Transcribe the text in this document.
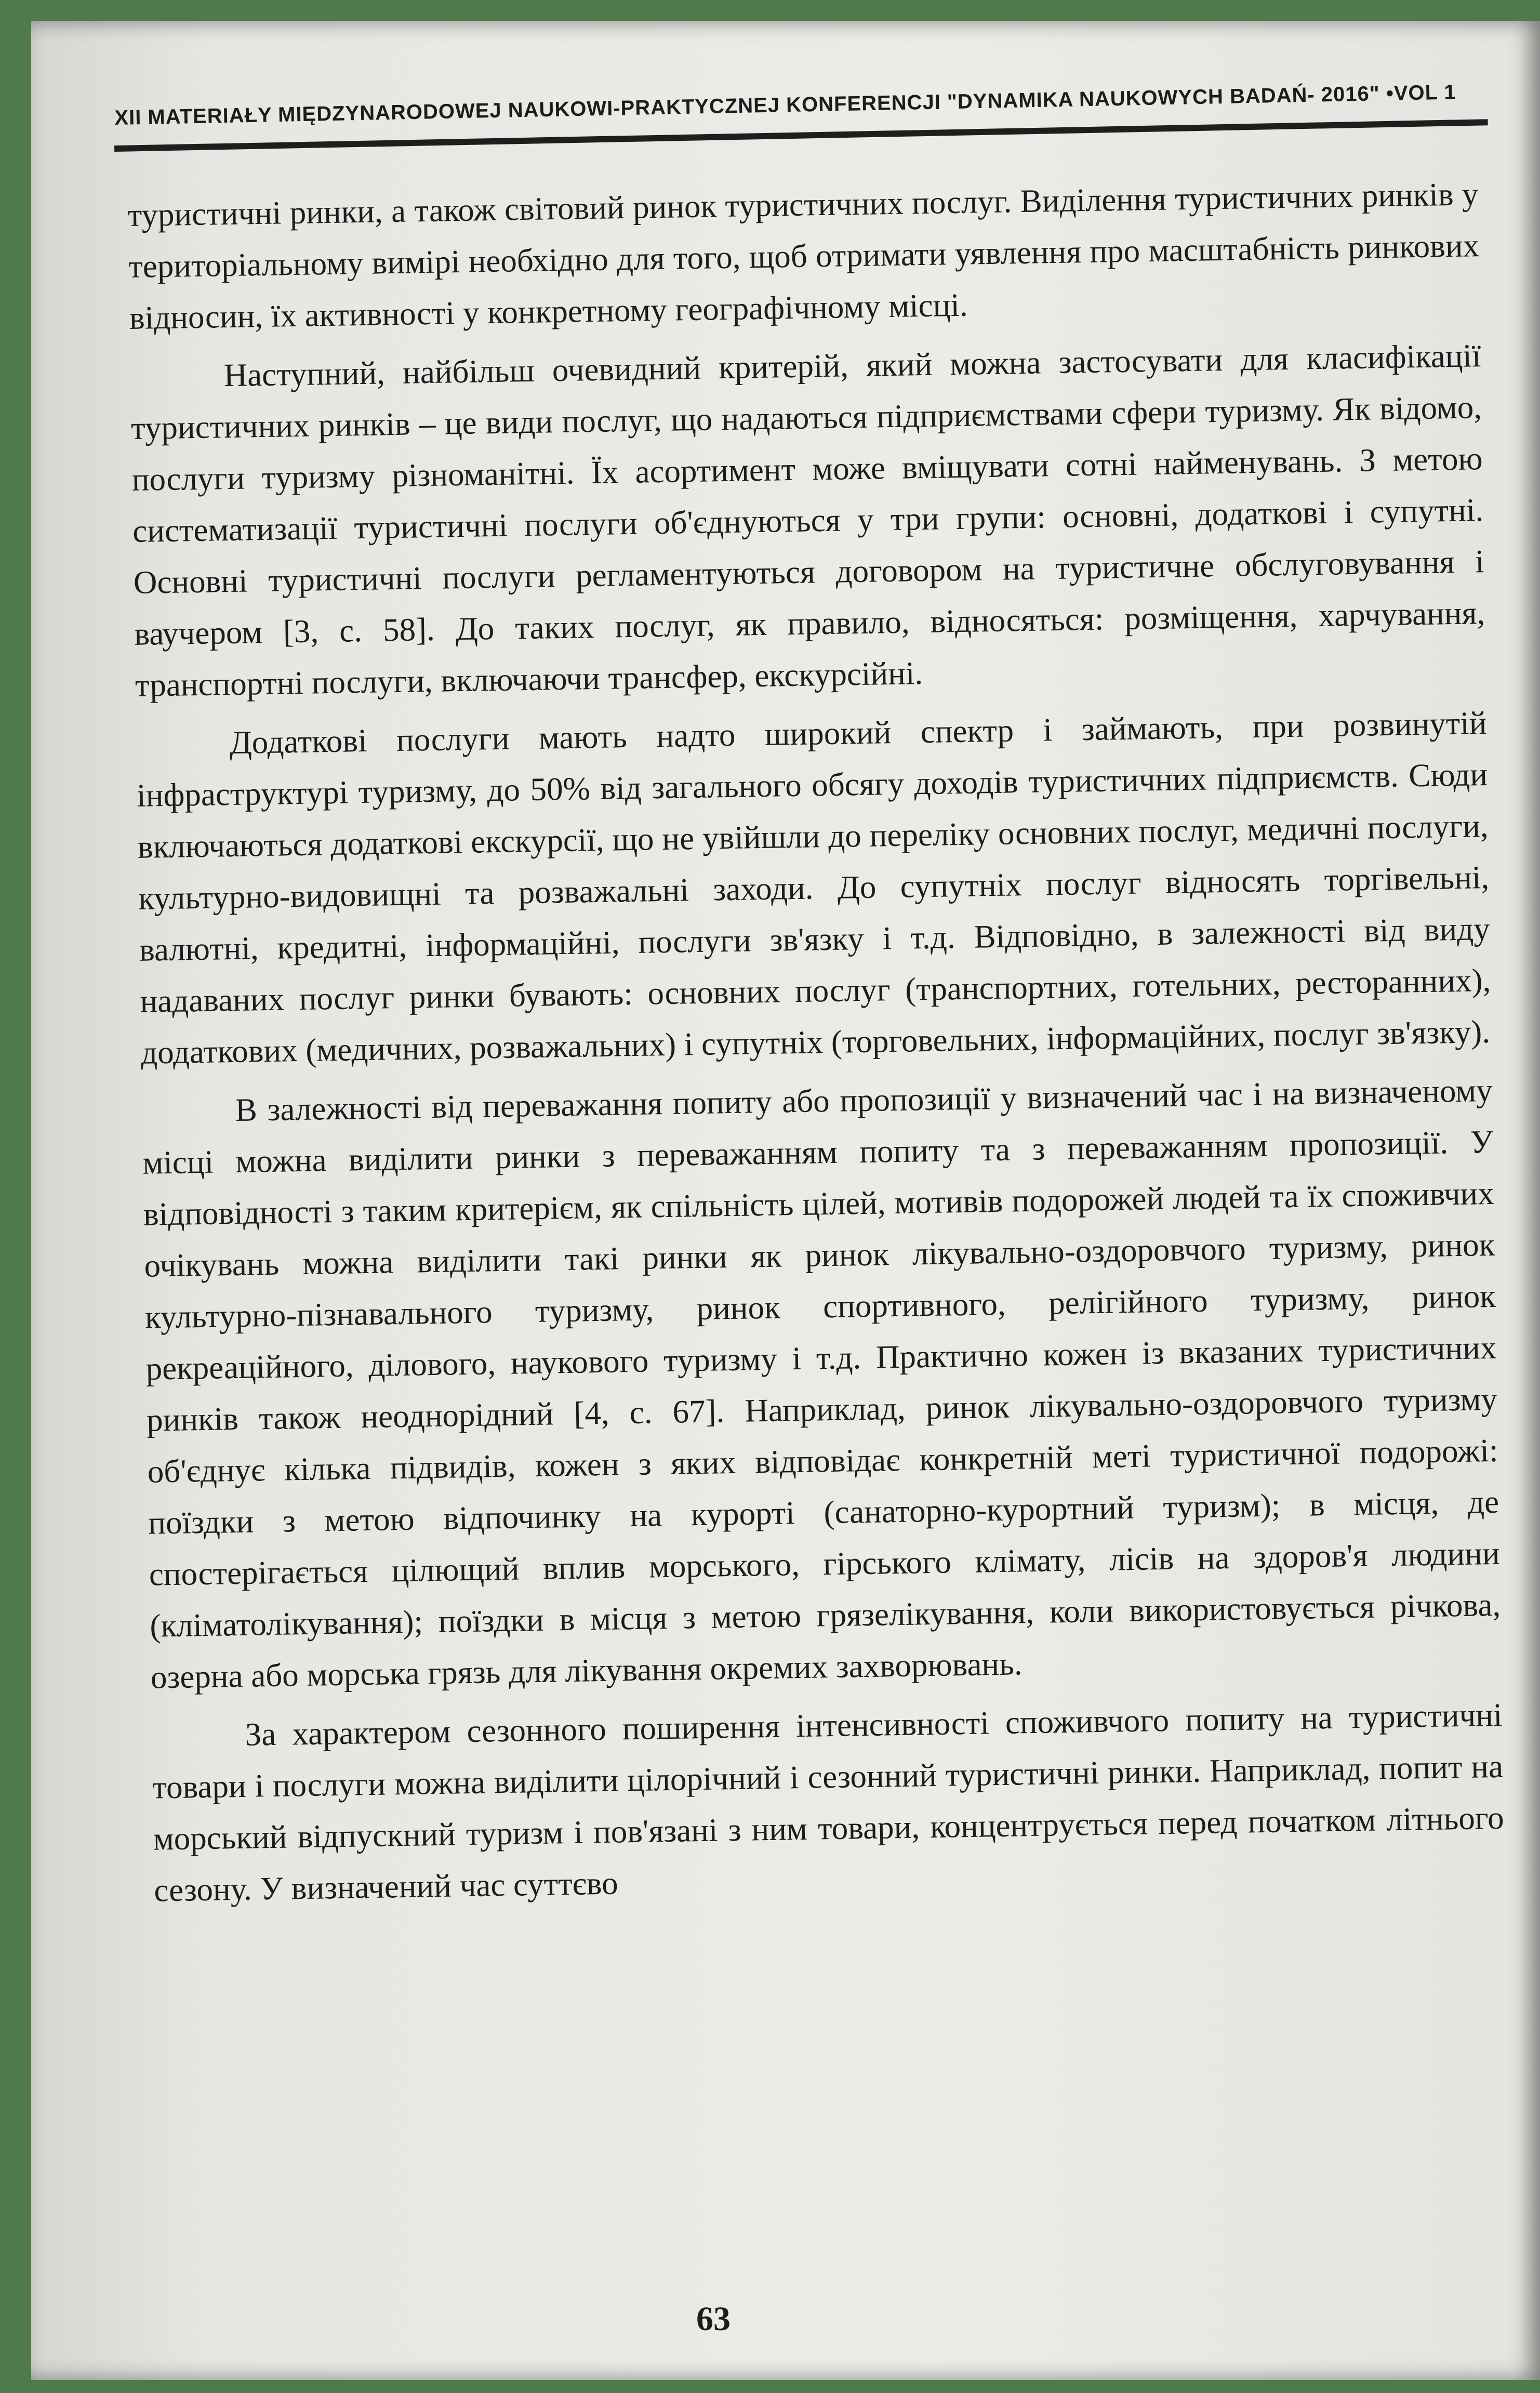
XII MATERIAŁY MIĘDZYNARODOWEJ NAUKOWI-PRAKTYCZNEJ KONFERENCJI "DYNAMIKA NAUKOWYCH BADAŃ- 2016" •VOL 1

туристичні ринки, а також світовий ринок туристичних послуг. Виділення туристичних ринків у територіальному вимірі необхідно для того, щоб отримати уявлення про масштабність ринкових відносин, їх активності у конкретному географічному місці.

Наступний, найбільш очевидний критерій, який можна застосувати для класифікації туристичних ринків – це види послуг, що надаються підприємствами сфери туризму. Як відомо, послуги туризму різноманітні. Їх асортимент може вміщувати сотні найменувань. З метою систематизації туристичні послуги об'єднуються у три групи: основні, додаткові і супутні. Основні туристичні послуги регламентуються договором на туристичне обслуговування і ваучером [3, с. 58]. До таких послуг, як правило, відносяться: розміщення, харчування, транспортні послуги, включаючи трансфер, екскурсійні.

Додаткові послуги мають надто широкий спектр і займають, при розвинутій інфраструктурі туризму, до 50% від загального обсягу доходів туристичних підприємств. Сюди включаються додаткові екскурсії, що не увійшли до переліку основних послуг, медичні послуги, культурно-видовищні та розважальні заходи. До супутніх послуг відносять торгівельні, валютні, кредитні, інформаційні, послуги зв'язку і т.д. Відповідно, в залежності від виду надаваних послуг ринки бувають: основних послуг (транспортних, готельних, ресторанних), додаткових (медичних, розважальних) і супутніх (торговельних, інформаційних, послуг зв'язку).

В залежності від переважання попиту або пропозиції у визначений час і на визначеному місці можна виділити ринки з переважанням попиту та з переважанням пропозиції. У відповідності з таким критерієм, як спільність цілей, мотивів подорожей людей та їх споживчих очікувань можна виділити такі ринки як ринок лікувально-оздоровчого туризму, ринок культурно-пізнавального туризму, ринок спортивного, релігійного туризму, ринок рекреаційного, ділового, наукового туризму і т.д. Практично кожен із вказаних туристичних ринків також неоднорідний [4, с. 67]. Наприклад, ринок лікувально-оздоровчого туризму об'єднує кілька підвидів, кожен з яких відповідає конкретній меті туристичної подорожі: поїздки з метою відпочинку на курорті (санаторно-курортний туризм); в місця, де спостерігається цілющий вплив морського, гірського клімату, лісів на здоров'я людини (кліматолікування); поїздки в місця з метою грязелікування, коли використовується річкова, озерна або морська грязь для лікування окремих захворювань.

За характером сезонного поширення інтенсивності споживчого попиту на туристичні товари і послуги можна виділити цілорічний і сезонний туристичні ринки. Наприклад, попит на морський відпускний туризм і пов'язані з ним товари, концентрується перед початком літнього сезону. У визначений час суттєво

63
